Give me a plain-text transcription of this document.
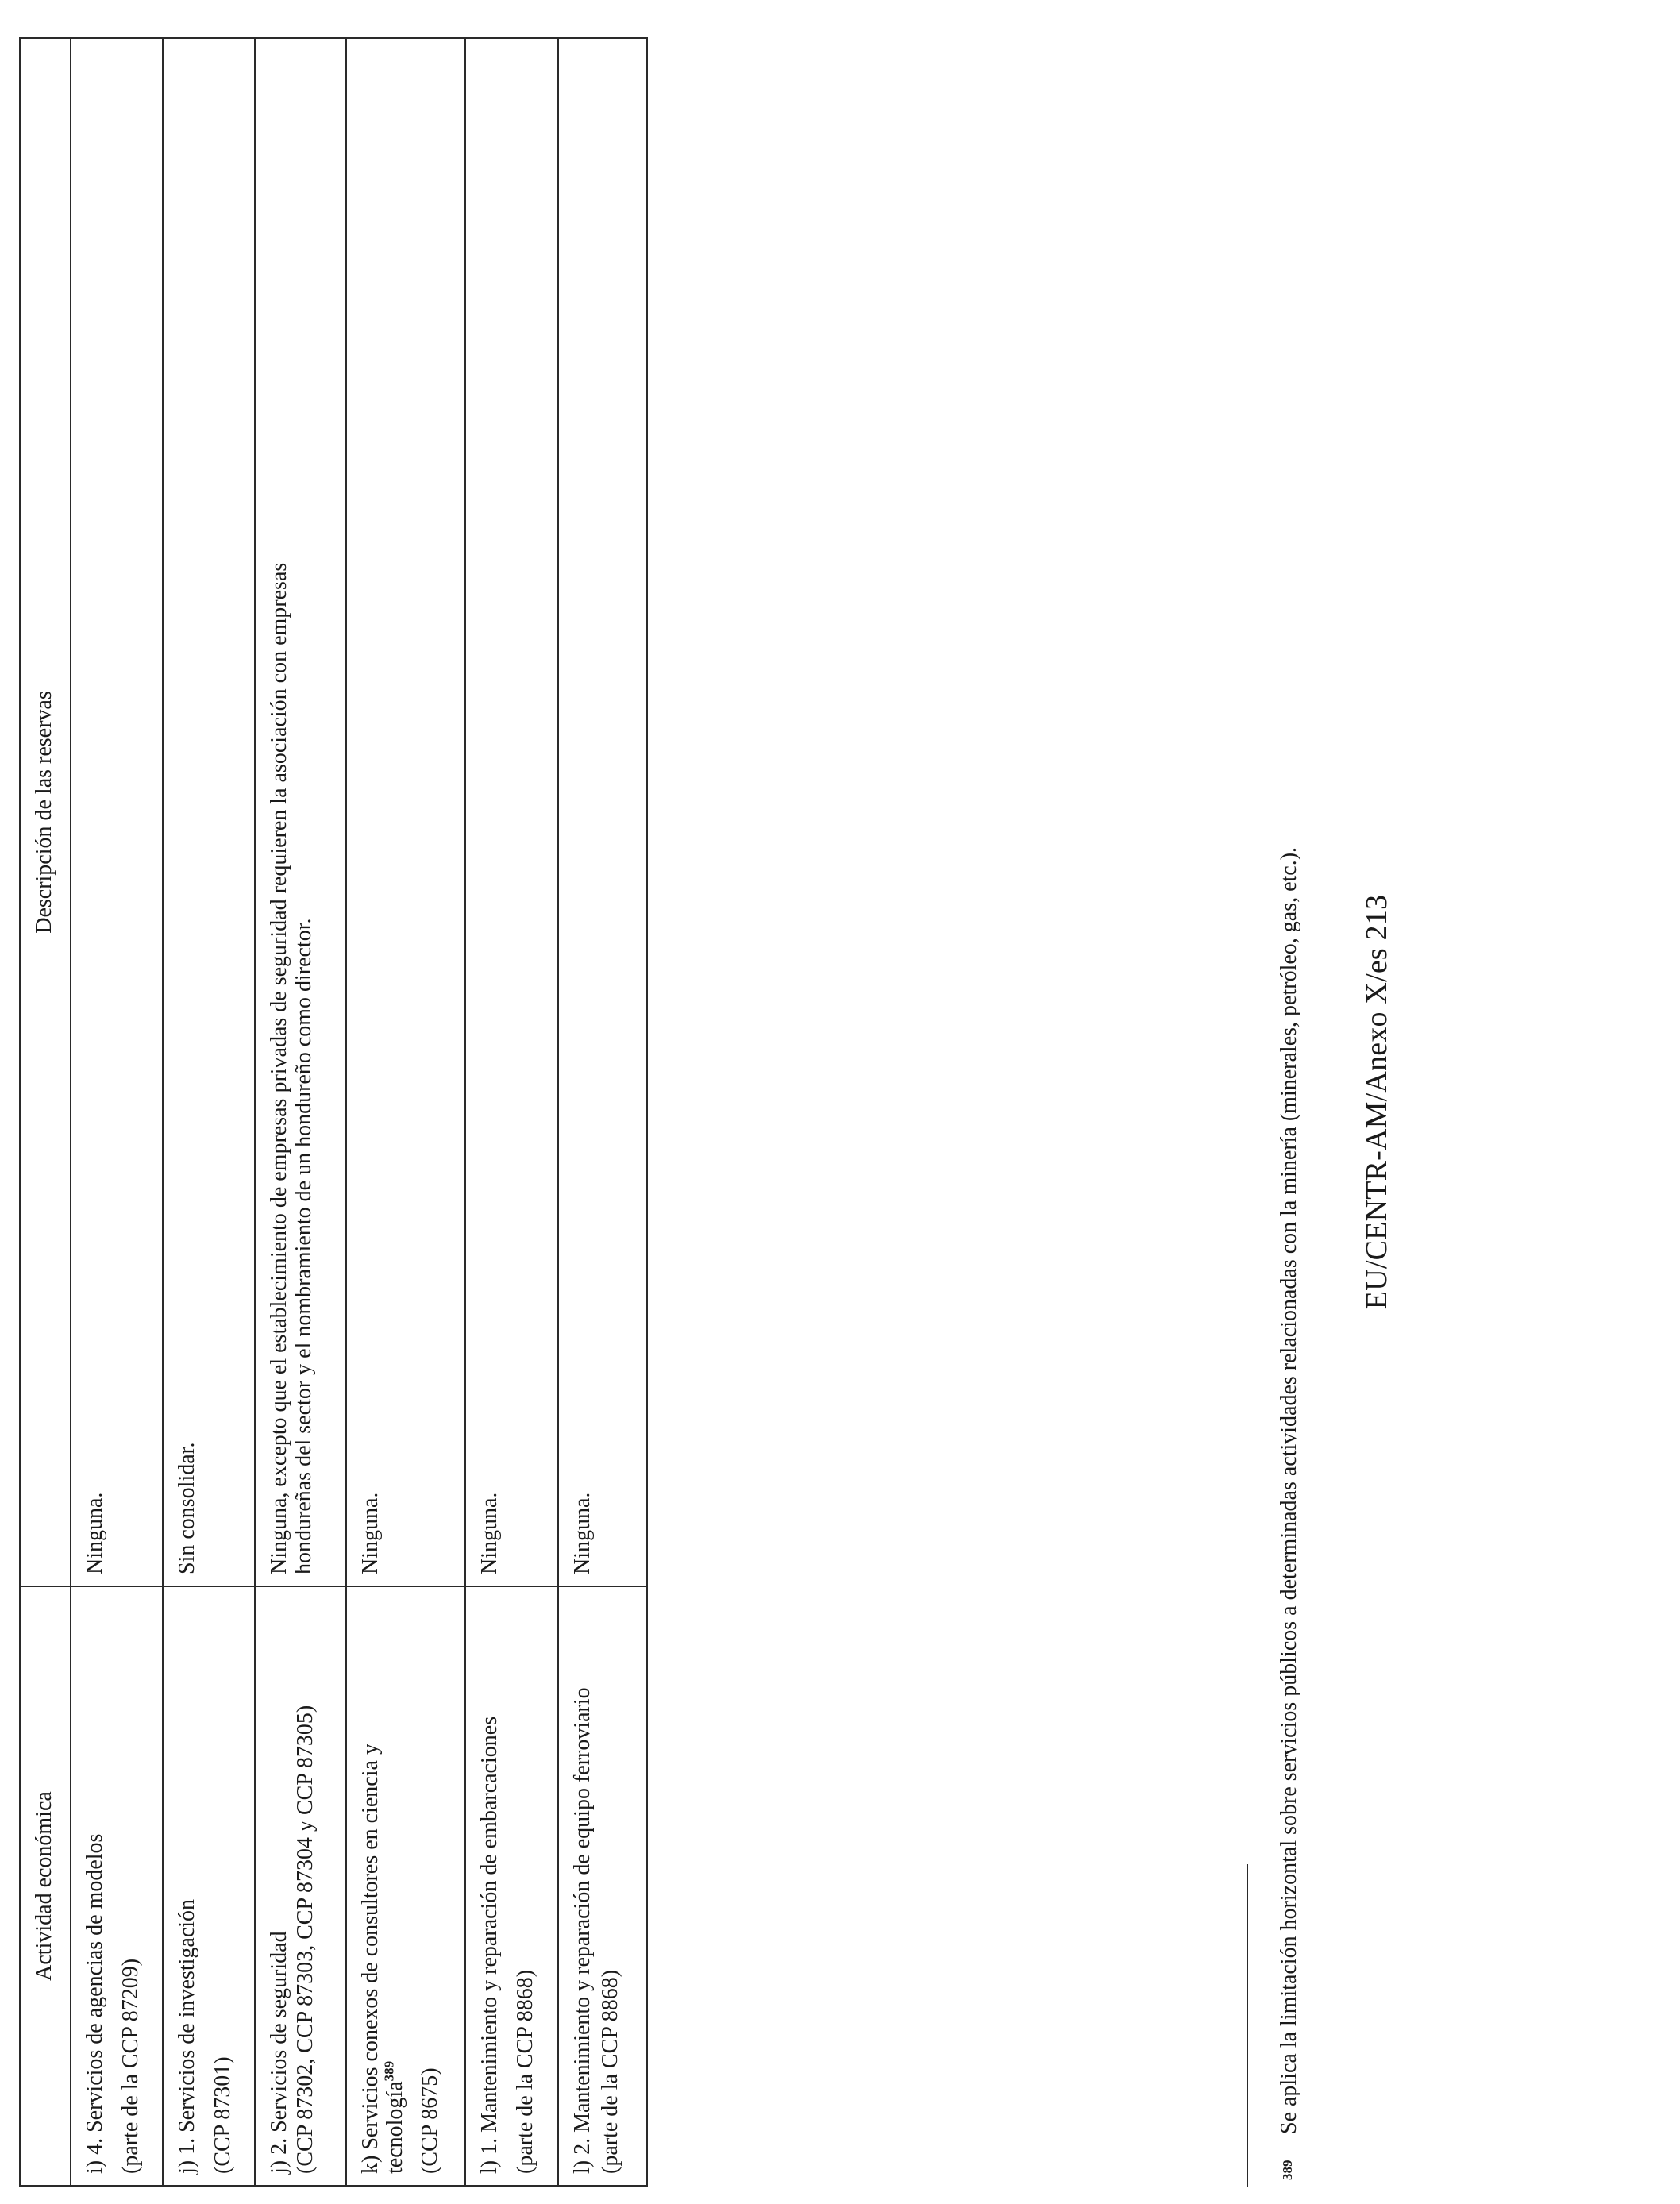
Actividad económica	Descripción de las reservas

i) 4. Servicios de agencias de modelos (parte de la CCP 87209)	Ninguna.

j) 1. Servicios de investigación (CCP 87301)	Sin consolidar.

j) 2. Servicios de seguridad (CCP 87302, CCP 87303, CCP 87304 y CCP 87305)	Ninguna, excepto que el establecimiento de empresas privadas de seguridad requieren la asociación con empresas hondureñas del sector y el nombramiento de un hondureño como director.

k) Servicios conexos de consultores en ciencia y tecnología$^{389}$ (CCP 8675)	Ninguna.

l) 1. Mantenimiento y reparación de embarcaciones (parte de la CCP 8868)	Ninguna.

l) 2. Mantenimiento y reparación de equipo ferroviario (parte de la CCP 8868)	Ninguna.
389Se aplica la limitación horizontal sobre servicios públicos a determinadas actividades relacionadas con la minería (minerales, petróleo, gas, etc.). EU/CENTR-AM/Anexo X/es 213
